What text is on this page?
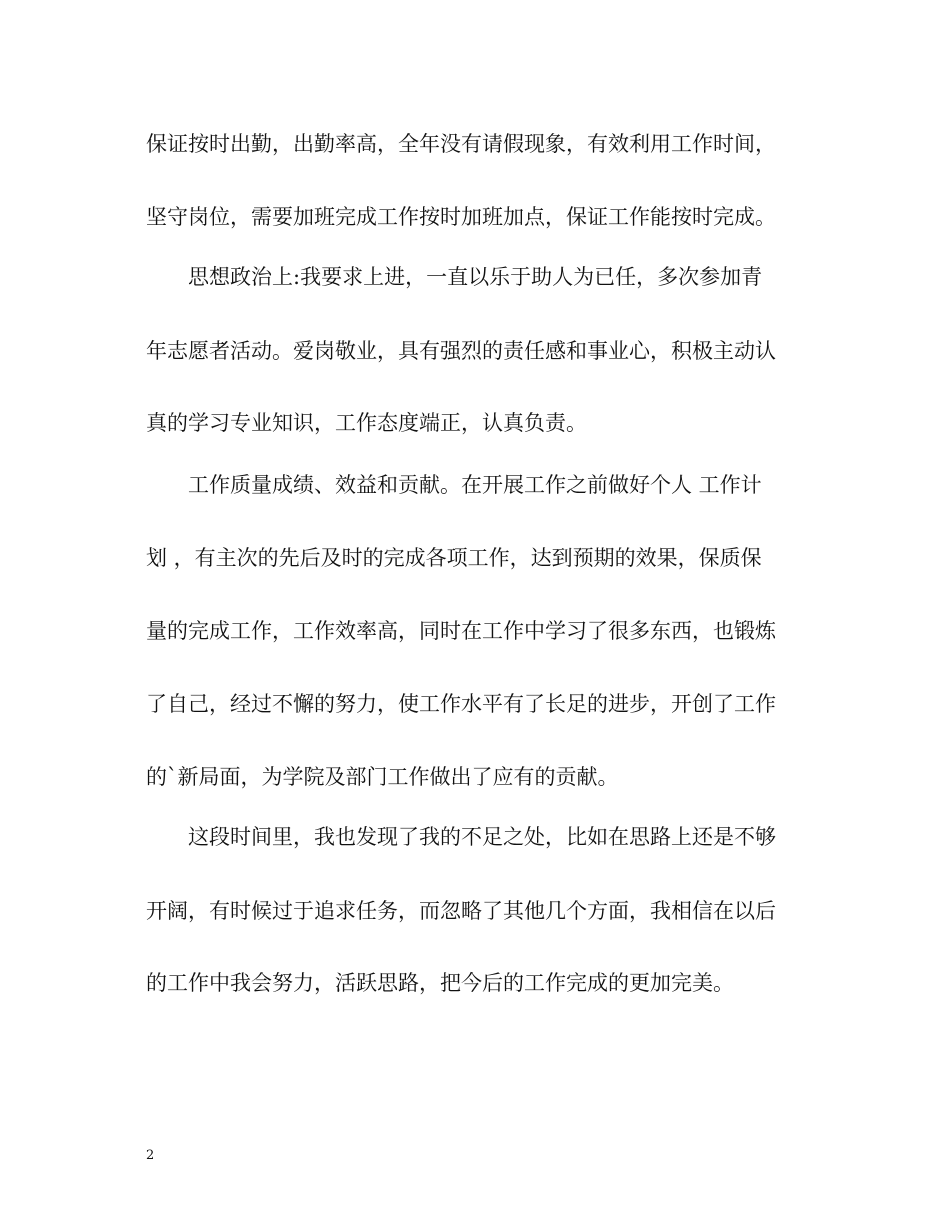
保证按时出勤，出勤率高，全年没有请假现象，有效利用工作时间，
坚守岗位，需要加班完成工作按时加班加点，保证工作能按时完成。
思想政治上:我要求上进，一直以乐于助人为已任，多次参加青
年志愿者活动。爱岗敬业，具有强烈的责任感和事业心，积极主动认
真的学习专业知识，工作态度端正，认真负责。
工作质量成绩、效益和贡献。在开展工作之前做好个人 工作计
划 ，有主次的先后及时的完成各项工作，达到预期的效果，保质保
量的完成工作，工作效率高，同时在工作中学习了很多东西，也锻炼
了自己，经过不懈的努力，使工作水平有了长足的进步，开创了工作
的`新局面，为学院及部门工作做出了应有的贡献。
这段时间里，我也发现了我的不足之处，比如在思路上还是不够
开阔，有时候过于追求任务，而忽略了其他几个方面，我相信在以后
的工作中我会努力，活跃思路，把今后的工作完成的更加完美。
2
